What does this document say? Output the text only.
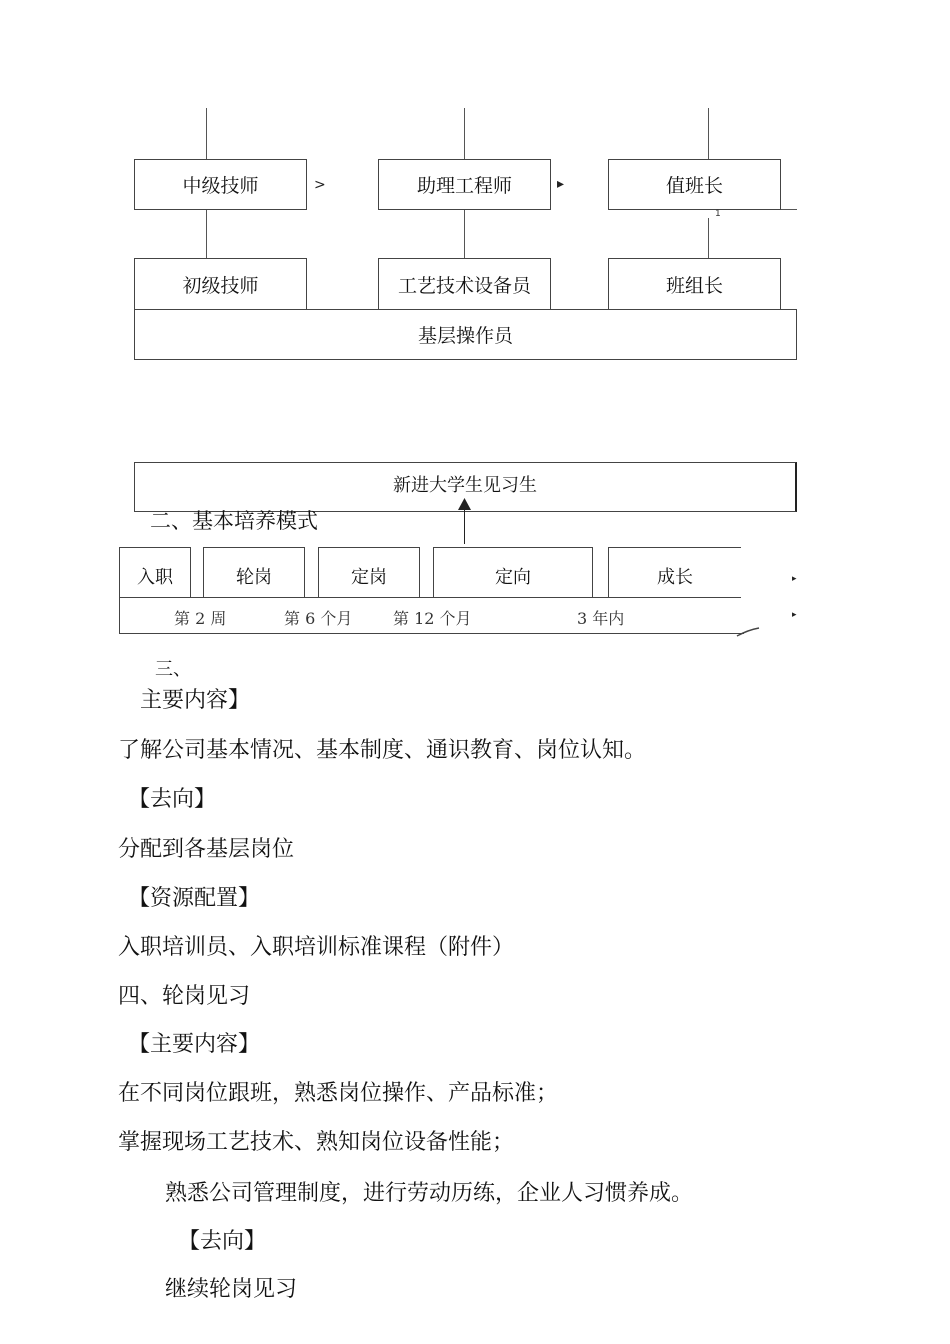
中级技师	助理工程师	值班长
>	▸
1
初级技师	工艺技术设备员	班组长
基层操作员
新进大学生见习生
二、基本培养模式
入职	轮岗	定岗	定向	成长	▸
▸
第 2 周	第 6 个月	第 12 个月	3 年内
三、
主要内容】
了解公司基本情况、基本制度、通识教育、岗位认知。
【去向】
分配到各基层岗位
【资源配置】
入职培训员、入职培训标准课程（附件）
四、轮岗见习
【主要内容】
在不同岗位跟班，熟悉岗位操作、产品标准；
掌握现场工艺技术、熟知岗位设备性能；
熟悉公司管理制度，进行劳动历练，企业人习惯养成。
【去向】
继续轮岗见习
